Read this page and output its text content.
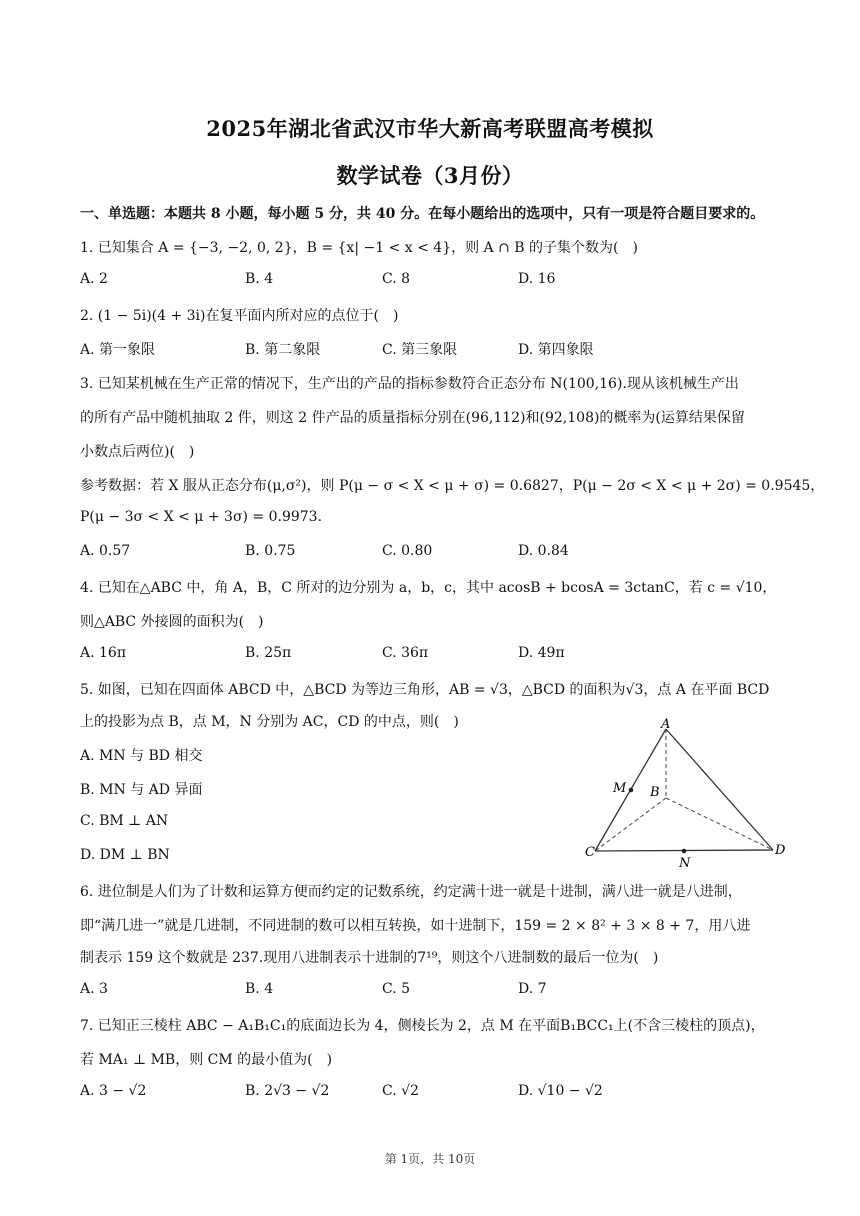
2025年湖北省武汉市华大新高考联盟高考模拟
数学试卷（3月份）
一、单选题：本题共 8 小题，每小题 5 分，共 40 分。在每小题给出的选项中，只有一项是符合题目要求的。
1. 已知集合 A = {−3, −2, 0, 2}，B = {x| −1 < x < 4}，则 A ∩ B 的子集个数为(　)
A. 2	B. 4	C. 8	D. 16
2. (1 − 5i)(4 + 3i)在复平面内所对应的点位于(　)
A. 第一象限	B. 第二象限	C. 第三象限	D. 第四象限
3. 已知某机械在生产正常的情况下，生产出的产品的指标参数符合正态分布 N(100,16).现从该机械生产出
的所有产品中随机抽取 2 件，则这 2 件产品的质量指标分别在(96,112)和(92,108)的概率为(运算结果保留
小数点后两位)(　)
参考数据：若 X 服从正态分布(μ,σ²)，则 P(μ − σ < X < μ + σ) = 0.6827，P(μ − 2σ < X < μ + 2σ) = 0.9545，
P(μ − 3σ < X < μ + 3σ) = 0.9973.
A. 0.57	B. 0.75	C. 0.80	D. 0.84
4. 已知在△ABC 中，角 A，B，C 所对的边分别为 a，b，c，其中 acosB + bcosA = 3ctanC，若 c = √10，
则△ABC 外接圆的面积为(　)
A. 16π	B. 25π	C. 36π	D. 49π
5. 如图，已知在四面体 ABCD 中，△BCD 为等边三角形，AB = √3，△BCD 的面积为√3，点 A 在平面 BCD
上的投影为点 B，点 M，N 分别为 AC，CD 的中点，则(　)
A. MN 与 BD 相交
B. MN 与 AD 异面
C. BM ⊥ AN
D. DM ⊥ BN
A
B
C	D
M
N
6. 进位制是人们为了计数和运算方便而约定的记数系统，约定满十进一就是十进制，满八进一就是八进制，
即“满几进一”就是几进制，不同进制的数可以相互转换，如十进制下，159 = 2 × 8² + 3 × 8 + 7，用八进
制表示 159 这个数就是 237.现用八进制表示十进制的7¹⁹，则这个八进制数的最后一位为(　)
A. 3	B. 4	C. 5	D. 7
7. 已知正三棱柱 ABC − A₁B₁C₁的底面边长为 4，侧棱长为 2，点 M 在平面B₁BCC₁上(不含三棱柱的顶点)，
若 MA₁ ⊥ MB，则 CM 的最小值为(　)
A. 3 − √2	B. 2√3 − √2	C. √2	D. √10 − √2
第 1页，共 10页
